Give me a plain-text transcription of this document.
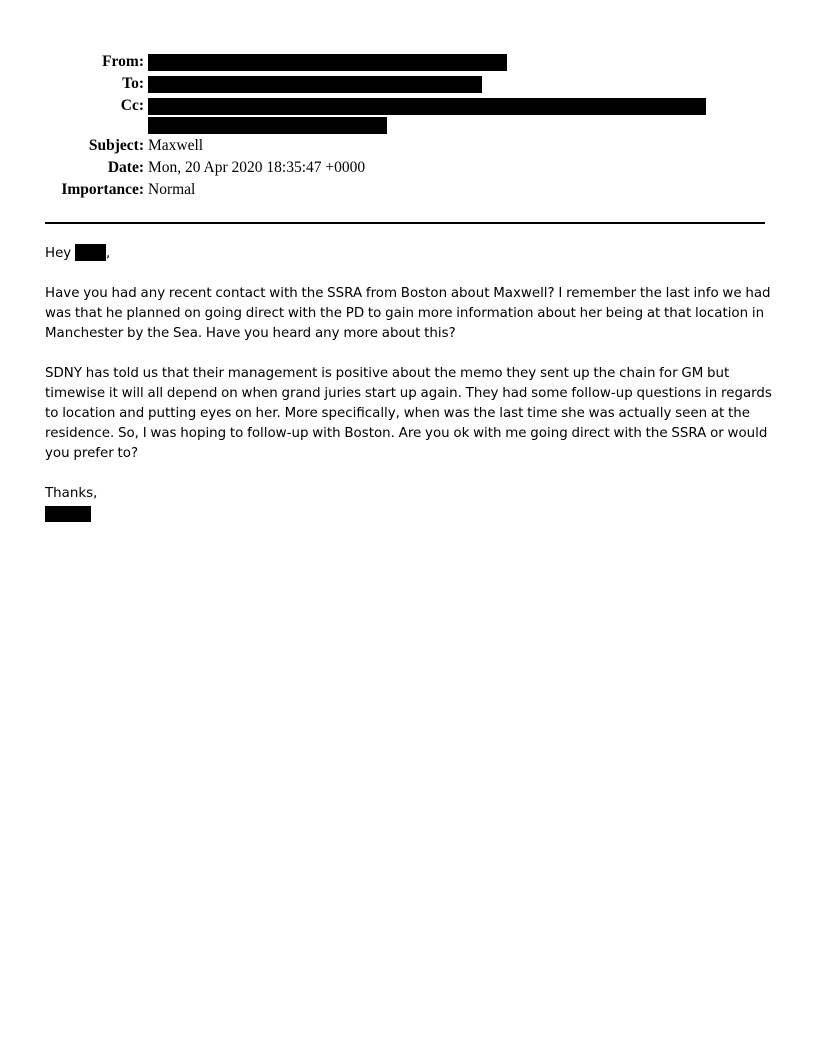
From:
To:
Cc:
Subject: Maxwell
Date: Mon, 20 Apr 2020 18:35:47 +0000
Importance: Normal

Hey ,

Have you had any recent contact with the SSRA from Boston about Maxwell? I remember the last info we had was that he planned on going direct with the PD to gain more information about her being at that location in Manchester by the Sea. Have you heard any more about this?

SDNY has told us that their management is positive about the memo they sent up the chain for GM but timewise it will all depend on when grand juries start up again. They had some follow-up questions in regards to location and putting eyes on her. More specifically, when was the last time she was actually seen at the residence. So, I was hoping to follow-up with Boston. Are you ok with me going direct with the SSRA or would you prefer to?

Thanks,
